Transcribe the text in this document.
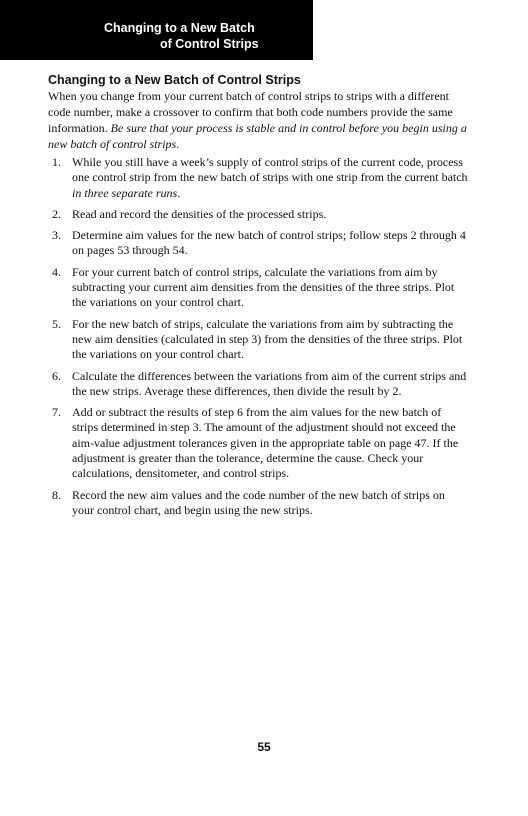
Changing to a New Batch
of Control Strips
Changing to a New Batch of Control Strips

When you change from your current batch of control strips to strips with a different code number, make a crossover to confirm that both code numbers provide the same information. Be sure that your process is stable and in control before you begin using a new batch of control strips.

1. While you still have a week’s supply of control strips of the current code, process one control strip from the new batch of strips with one strip from the current batch in three separate runs.
2. Read and record the densities of the processed strips.
3. Determine aim values for the new batch of control strips; follow steps 2 through 4 on pages 53 through 54.
4. For your current batch of control strips, calculate the variations from aim by subtracting your current aim densities from the densities of the three strips. Plot the variations on your control chart.
5. For the new batch of strips, calculate the variations from aim by subtracting the new aim densities (calculated in step 3) from the densities of the three strips. Plot the variations on your control chart.
6. Calculate the differences between the variations from aim of the current strips and the new strips. Average these differences, then divide the result by 2.
7. Add or subtract the results of step 6 from the aim values for the new batch of strips determined in step 3. The amount of the adjustment should not exceed the aim-value adjustment tolerances given in the appropriate table on page 47. If the adjustment is greater than the tolerance, determine the cause. Check your calculations, densitometer, and control strips.
8. Record the new aim values and the code number of the new batch of strips on your control chart, and begin using the new strips.
55
